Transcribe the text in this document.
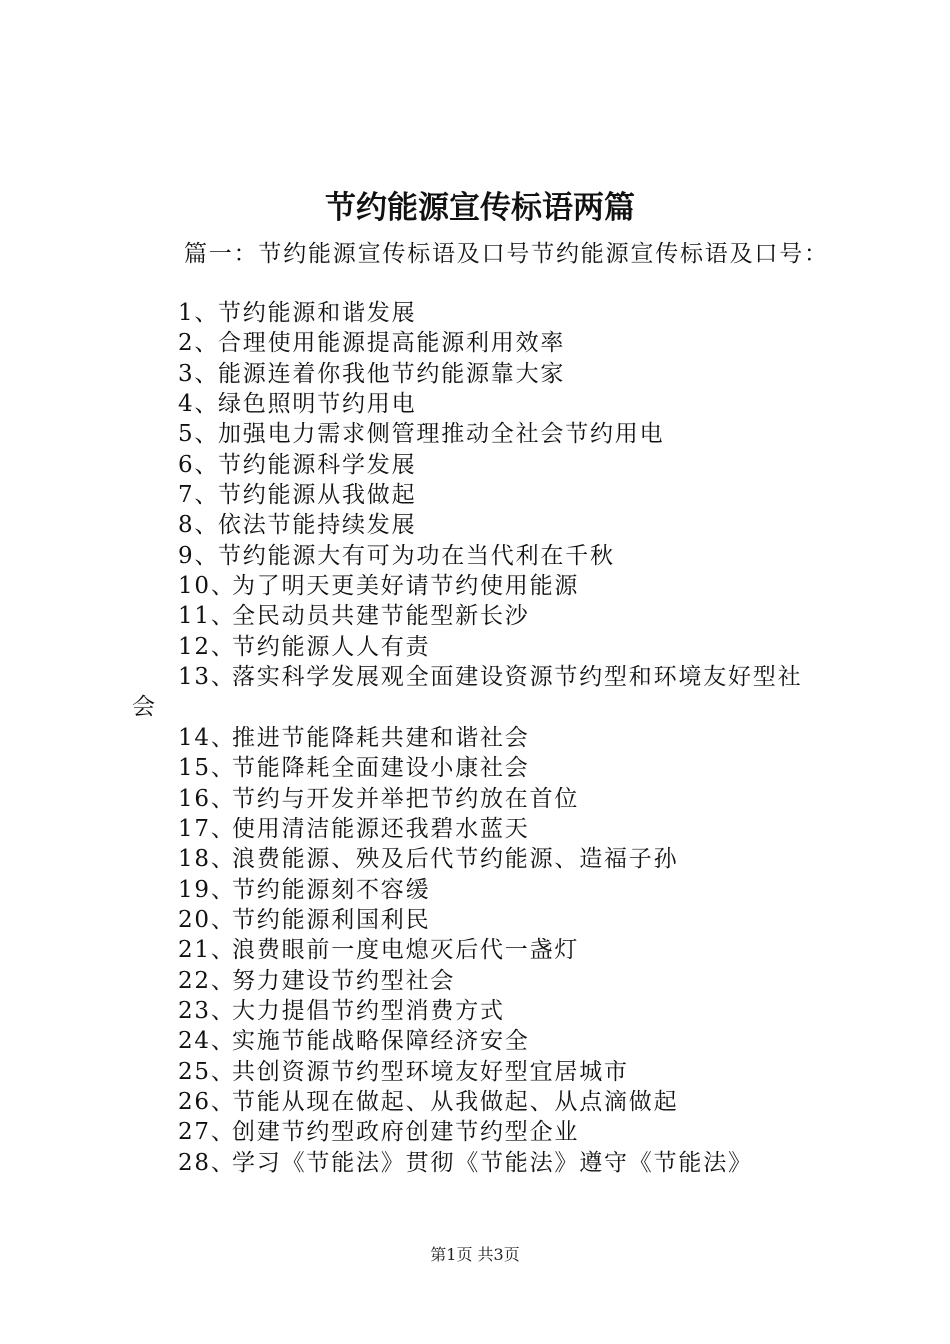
节约能源宣传标语两篇
篇一：节约能源宣传标语及口号节约能源宣传标语及口号：
1、
节约能源和谐发展
2、
合理使用能源提高能源利用效率
3、
能源连着你我他节约能源靠大家
4、
绿色照明节约用电
5、
加强电力需求侧管理推动全社会节约用电
6、
节约能源科学发展
7、
节约能源从我做起
8、
依法节能持续发展
9、
节约能源大有可为功在当代利在千秋
10、
为了明天更美好请节约使用能源
11、
全民动员共建节能型新长沙
12、
节约能源人人有责
13、
落实科学发展观全面建设资源节约型和环境友好型社
会
14、
推进节能降耗共建和谐社会
15、
节能降耗全面建设小康社会
16、
节约与开发并举把节约放在首位
17、
使用清洁能源还我碧水蓝天
18、
浪费能源、殃及后代节约能源、造福子孙
19、
节约能源刻不容缓
20、
节约能源利国利民
21、
浪费眼前一度电熄灭后代一盏灯
22、
努力建设节约型社会
23、
大力提倡节约型消费方式
24、
实施节能战略保障经济安全
25、
共创资源节约型环境友好型宜居城市
26、
节能从现在做起、从我做起、从点滴做起
27、
创建节约型政府创建节约型企业
28、
学习《节能法》贯彻《节能法》遵守《节能法》
第1页 共3页
